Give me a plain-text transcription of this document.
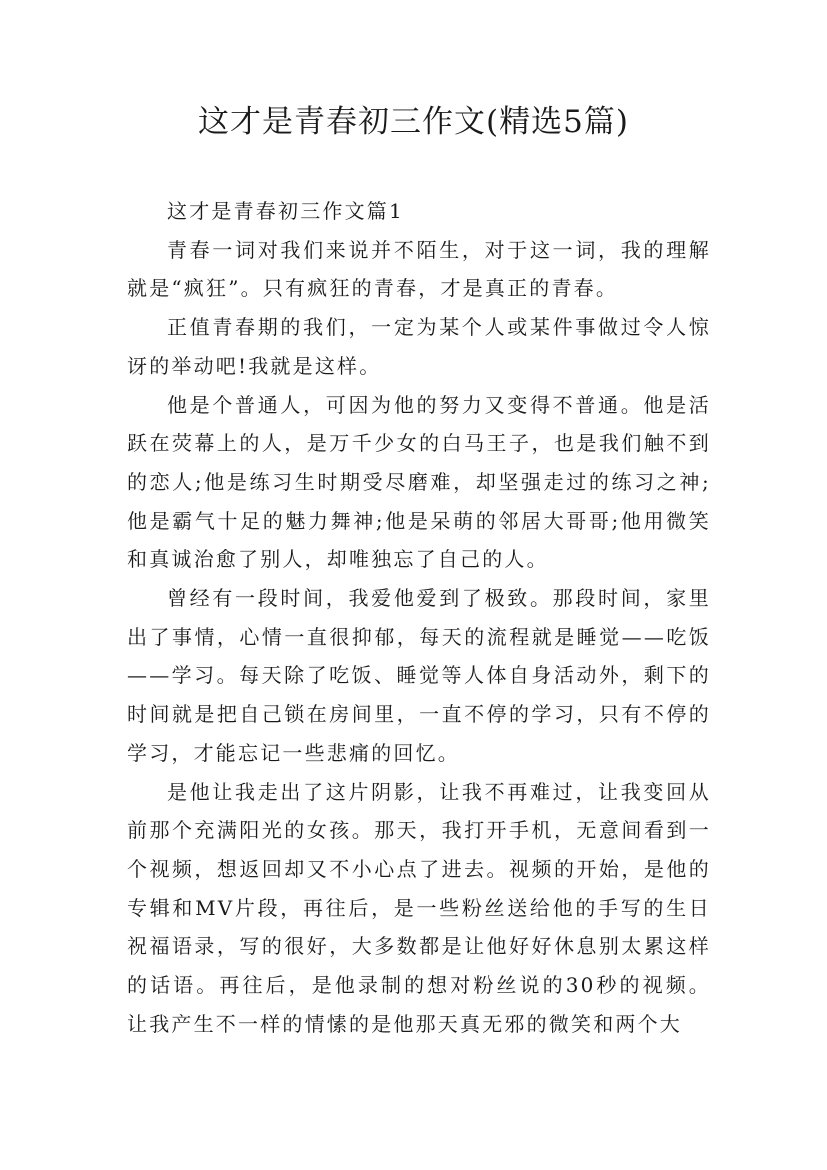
这才是青春初三作文(精选5篇)

这才是青春初三作文篇1

青春一词对我们来说并不陌生，对于这一词，我的理解就是“疯狂”。只有疯狂的青春，才是真正的青春。

正值青春期的我们，一定为某个人或某件事做过令人惊讶的举动吧!我就是这样。

他是个普通人，可因为他的努力又变得不普通。他是活跃在荧幕上的人，是万千少女的白马王子，也是我们触不到的恋人;他是练习生时期受尽磨难，却坚强走过的练习之神;他是霸气十足的魅力舞神;他是呆萌的邻居大哥哥;他用微笑和真诚治愈了别人，却唯独忘了自己的人。

曾经有一段时间，我爱他爱到了极致。那段时间，家里出了事情，心情一直很抑郁，每天的流程就是睡觉——吃饭——学习。每天除了吃饭、睡觉等人体自身活动外，剩下的时间就是把自己锁在房间里，一直不停的学习，只有不停的学习，才能忘记一些悲痛的回忆。

是他让我走出了这片阴影，让我不再难过，让我变回从前那个充满阳光的女孩。那天，我打开手机，无意间看到一个视频，想返回却又不小心点了进去。视频的开始，是他的专辑和MV片段，再往后，是一些粉丝送给他的手写的生日祝福语录，写的很好，大多数都是让他好好休息别太累这样的话语。再往后，是他录制的想对粉丝说的30秒的视频。让我产生不一样的情愫的是他那天真无邪的微笑和两个大
